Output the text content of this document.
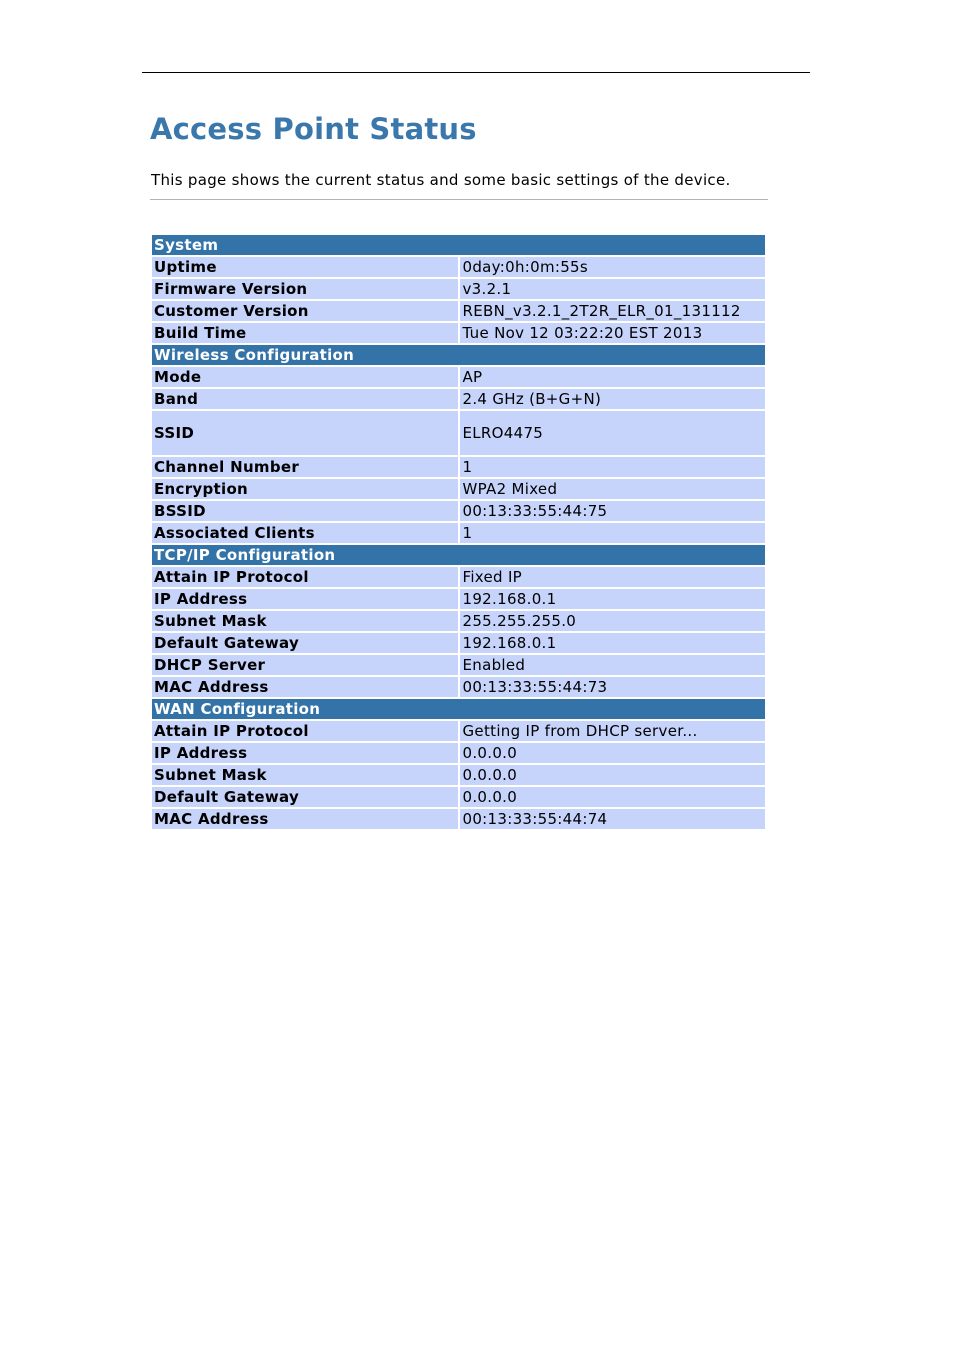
Access Point Status

This page shows the current status and some basic settings of the device.

System	
Uptime	0day:0h:0m:55s
Firmware Version	v3.2.1
Customer Version	REBN_v3.2.1_2T2R_ELR_01_131112
Build Time	Tue Nov 12 03:22:20 EST 2013
Wireless Configuration	
Mode	AP
Band	2.4 GHz (B+G+N)
SSID	ELRO4475
Channel Number	1
Encryption	WPA2 Mixed
BSSID	00:13:33:55:44:75
Associated Clients	1
TCP/IP Configuration	
Attain IP Protocol	Fixed IP
IP Address	192.168.0.1
Subnet Mask	255.255.255.0
Default Gateway	192.168.0.1
DHCP Server	Enabled
MAC Address	00:13:33:55:44:73
WAN Configuration	
Attain IP Protocol	Getting IP from DHCP server...
IP Address	0.0.0.0
Subnet Mask	0.0.0.0
Default Gateway	0.0.0.0
MAC Address	00:13:33:55:44:74
